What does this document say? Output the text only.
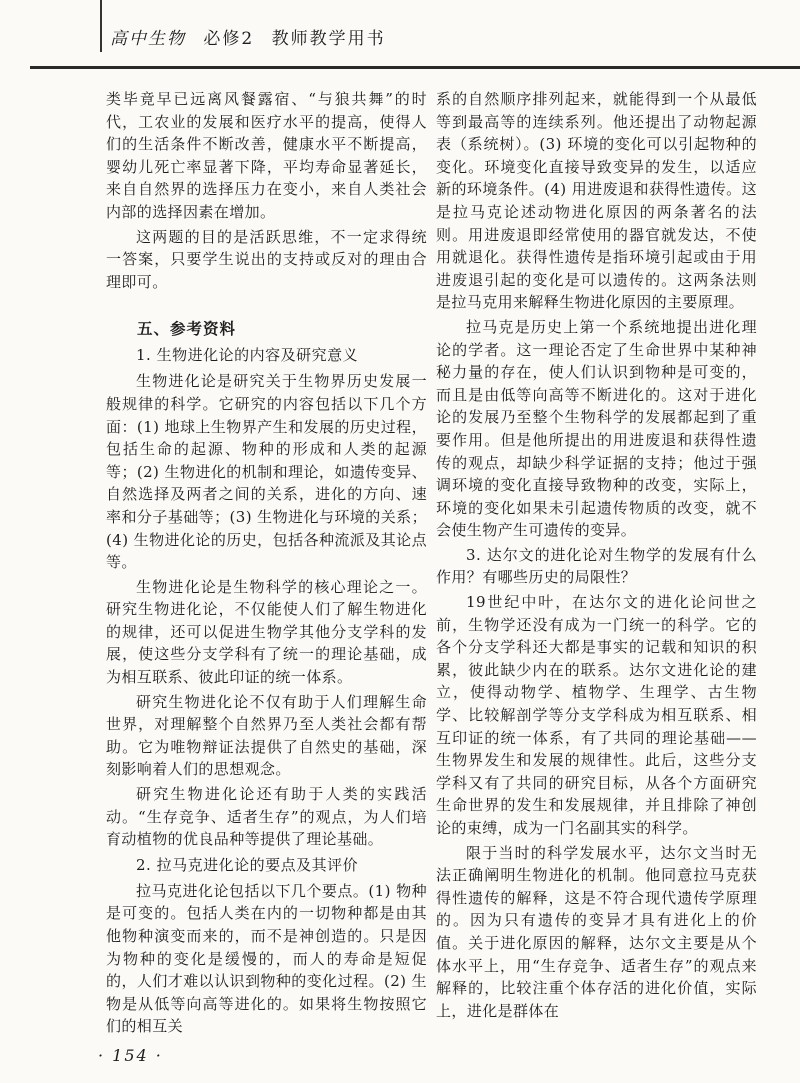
高中生物 必修2 教师教学用书

类毕竟早已远离风餐露宿、“与狼共舞”的时代，工农业的发展和医疗水平的提高，使得人们的生活条件不断改善，健康水平不断提高，婴幼儿死亡率显著下降，平均寿命显著延长，来自自然界的选择压力在变小，来自人类社会内部的选择因素在增加。

这两题的目的是活跃思维，不一定求得统一答案，只要学生说出的支持或反对的理由合理即可。

五、参考资料

1. 生物进化论的内容及研究意义

生物进化论是研究关于生物界历史发展一般规律的科学。它研究的内容包括以下几个方面：(1) 地球上生物界产生和发展的历史过程，包括生命的起源、物种的形成和人类的起源等；(2) 生物进化的机制和理论，如遗传变异、自然选择及两者之间的关系，进化的方向、速率和分子基础等；(3) 生物进化与环境的关系；(4) 生物进化论的历史，包括各种流派及其论点等。

生物进化论是生物科学的核心理论之一。研究生物进化论，不仅能使人们了解生物进化的规律，还可以促进生物学其他分支学科的发展，使这些分支学科有了统一的理论基础，成为相互联系、彼此印证的统一体系。

研究生物进化论不仅有助于人们理解生命世界，对理解整个自然界乃至人类社会都有帮助。它为唯物辩证法提供了自然史的基础，深刻影响着人们的思想观念。

研究生物进化论还有助于人类的实践活动。“生存竞争、适者生存”的观点，为人们培育动植物的优良品种等提供了理论基础。

2. 拉马克进化论的要点及其评价

拉马克进化论包括以下几个要点。(1) 物种是可变的。包括人类在内的一切物种都是由其他物种演变而来的，而不是神创造的。只是因为物种的变化是缓慢的，而人的寿命是短促的，人们才难以认识到物种的变化过程。(2) 生物是从低等向高等进化的。如果将生物按照它们的相互关

系的自然顺序排列起来，就能得到一个从最低等到最高等的连续系列。他还提出了动物起源表（系统树）。(3) 环境的变化可以引起物种的变化。环境变化直接导致变异的发生，以适应新的环境条件。(4) 用进废退和获得性遗传。这是拉马克论述动物进化原因的两条著名的法则。用进废退即经常使用的器官就发达，不使用就退化。获得性遗传是指环境引起或由于用进废退引起的变化是可以遗传的。这两条法则是拉马克用来解释生物进化原因的主要原理。

拉马克是历史上第一个系统地提出进化理论的学者。这一理论否定了生命世界中某种神秘力量的存在，使人们认识到物种是可变的，而且是由低等向高等不断进化的。这对于进化论的发展乃至整个生物科学的发展都起到了重要作用。但是他所提出的用进废退和获得性遗传的观点，却缺少科学证据的支持；他过于强调环境的变化直接导致物种的改变，实际上，环境的变化如果未引起遗传物质的改变，就不会使生物产生可遗传的变异。

3. 达尔文的进化论对生物学的发展有什么作用？有哪些历史的局限性？

19世纪中叶，在达尔文的进化论问世之前，生物学还没有成为一门统一的科学。它的各个分支学科还大都是事实的记载和知识的积累，彼此缺少内在的联系。达尔文进化论的建立，使得动物学、植物学、生理学、古生物学、比较解剖学等分支学科成为相互联系、相互印证的统一体系，有了共同的理论基础——生物界发生和发展的规律性。此后，这些分支学科又有了共同的研究目标，从各个方面研究生命世界的发生和发展规律，并且排除了神创论的束缚，成为一门名副其实的科学。

限于当时的科学发展水平，达尔文当时无法正确阐明生物进化的机制。他同意拉马克获得性遗传的解释，这是不符合现代遗传学原理的。因为只有遗传的变异才具有进化上的价值。关于进化原因的解释，达尔文主要是从个体水平上，用“生存竞争、适者生存”的观点来解释的，比较注重个体存活的进化价值，实际上，进化是群体在

· 154 ·
